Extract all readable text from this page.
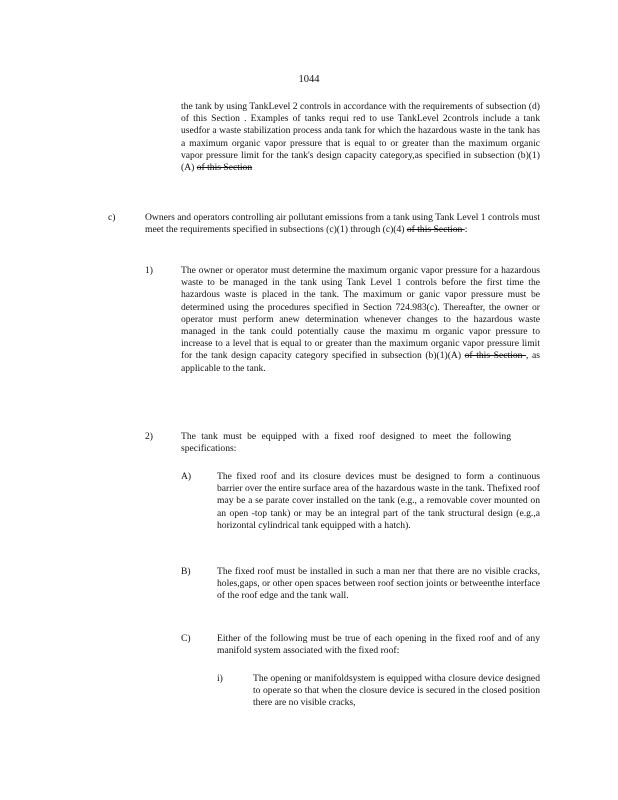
1044
the tank by using TankLevel 2 controls in accordance with the requirements of subsection (d) of this Section . Examples of tanks requi red to use TankLevel 2controls include a tank usedfor a waste stabilization process anda tank for which the hazardous waste in the tank has a maximum organic vapor pressure that is equal to or greater than the maximum organic vapor pressure limit for the tank's design capacity category,as specified in subsection (b)(1)(A) of this Section
c)	Owners and operators controlling air pollutant emissions from a tank using Tank Level 1 controls must meet the requirements specified in subsections (c)(1) through (c)(4) of this Section :
1)	The owner or operator must determine the maximum organic vapor pressure for a hazardous waste to be managed in the tank using Tank Level 1 controls before the first time the hazardous waste is placed in the tank. The maximum or ganic vapor pressure must be determined using the procedures specified in Section 724.983(c). Thereafter, the owner or operator must perform anew determination whenever changes to the hazardous waste managed in the tank could potentially cause the maximu m organic vapor pressure to increase to a level that is equal to or greater than the maximum organic vapor pressure limit for the tank design capacity category specified in subsection (b)(1)(A) of this Section , as applicable to the tank.
2)	The tank must be equipped with a fixed roof designed to meet the following specifications:
A)	The fixed roof and its closure devices must be designed to form a continuous barrier over the entire surface area of the hazardous waste in the tank. Thefixed roof may be a se parate cover installed on the tank (e.g., a removable cover mounted on an open -top tank) or may be an integral part of the tank structural design (e.g.,a horizontal cylindrical tank equipped with a hatch).
B)	The fixed roof must be installed in such a man ner that there are no visible cracks, holes,gaps, or other open spaces between roof section joints or betweenthe interface of the roof edge and the tank wall.
C)	Either of the following must be true of each opening in the fixed roof and of any manifold system associated with the fixed roof:
i)	The opening or manifoldsystem is equipped witha closure device designed to operate so that when the closure device is secured in the closed position there are no visible cracks,
